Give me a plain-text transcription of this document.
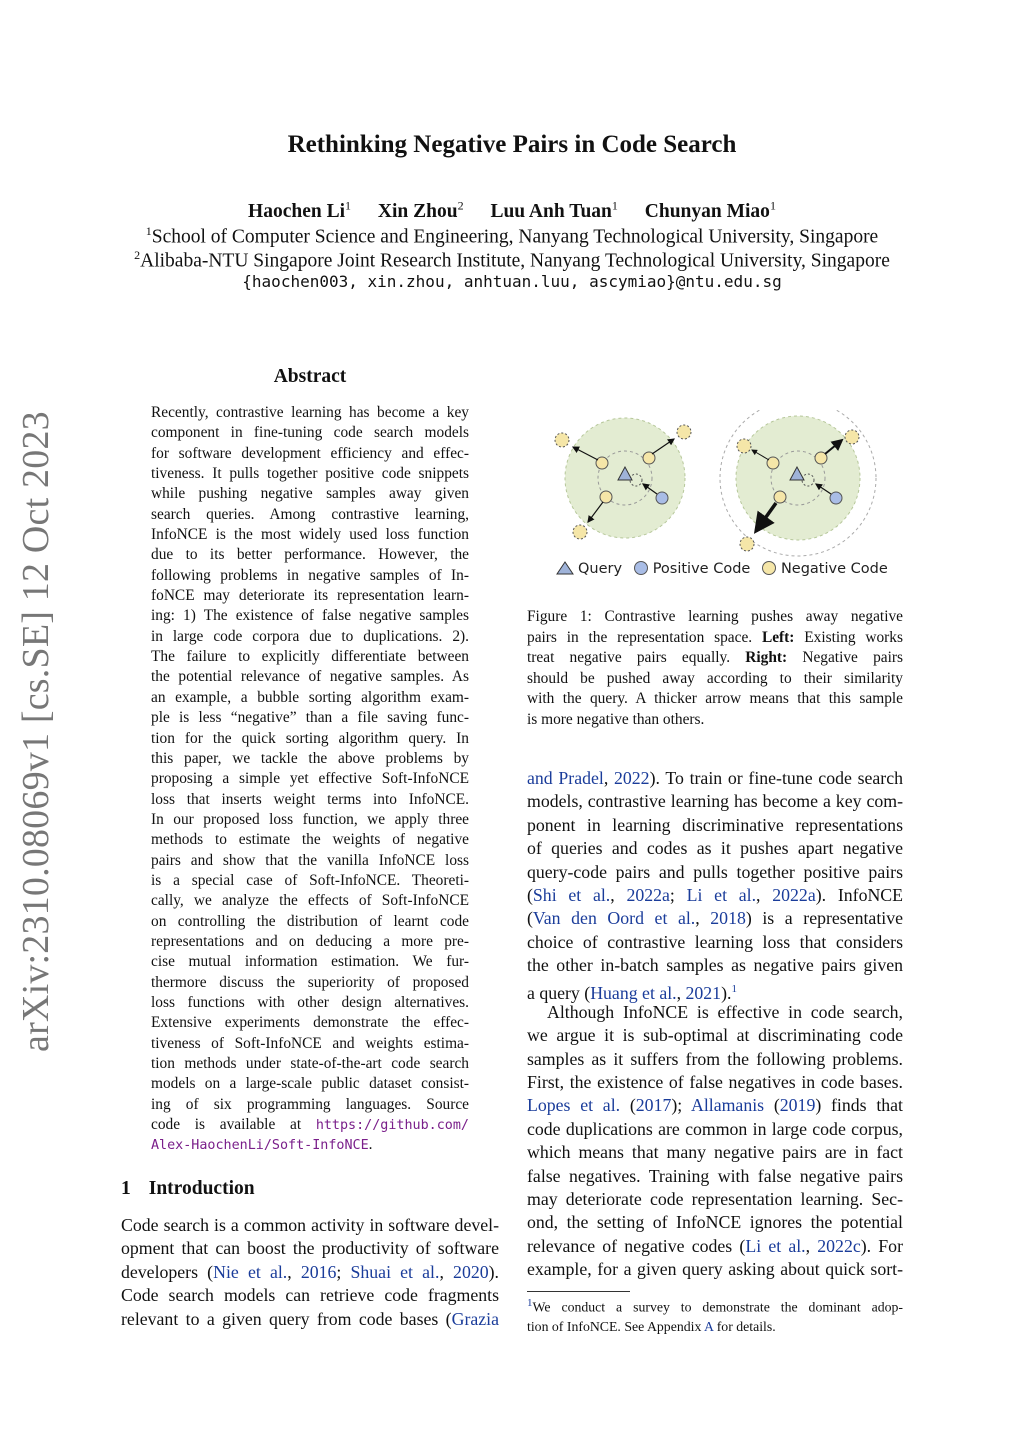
Rethinking Negative Pairs in Code Search
Haochen Li$^1$ Xin Zhou$^2$ Luu Anh Tuan$^1$ Chunyan Miao$^1$
$^1$School of Computer Science and Engineering, Nanyang Technological University, Singapore
$^2$Alibaba-NTU Singapore Joint Research Institute, Nanyang Technological University, Singapore
{haochen003, xin.zhou, anhtuan.luu, ascymiao}@ntu.edu.sg
arXiv:2310.08069v1 [cs.SE] 12 Oct 2023
Abstract
Recently, contrastive learning has become a key
component in fine-tuning code search models
for software development efficiency and effec-
tiveness. It pulls together positive code snippets
while pushing negative samples away given
search queries. Among contrastive learning,
InfoNCE is the most widely used loss function
due to its better performance. However, the
following problems in negative samples of In-
foNCE may deteriorate its representation learn-
ing: 1) The existence of false negative samples
in large code corpora due to duplications. 2).
The failure to explicitly differentiate between
the potential relevance of negative samples. As
an example, a bubble sorting algorithm exam-
ple is less “negative” than a file saving func-
tion for the quick sorting algorithm query. In
this paper, we tackle the above problems by
proposing a simple yet effective Soft-InfoNCE
loss that inserts weight terms into InfoNCE.
In our proposed loss function, we apply three
methods to estimate the weights of negative
pairs and show that the vanilla InfoNCE loss
is a special case of Soft-InfoNCE. Theoreti-
cally, we analyze the effects of Soft-InfoNCE
on controlling the distribution of learnt code
representations and on deducing a more pre-
cise mutual information estimation. We fur-
thermore discuss the superiority of proposed
loss functions with other design alternatives.
Extensive experiments demonstrate the effec-
tiveness of Soft-InfoNCE and weights estima-
tion methods under state-of-the-art code search
models on a large-scale public dataset consist-
ing of six programming languages. Source
code is available at https://github.com/
Alex-HaochenLi/Soft-InfoNCE.
1 Introduction
Code search is a common activity in software devel-
opment that can boost the productivity of software
developers (Nie et al., 2016; Shuai et al., 2020).
Code search models can retrieve code fragments
relevant to a given query from code bases (Grazia
Query Positive Code Negative Code
Figure 1: Contrastive learning pushes away negative
pairs in the representation space. Left: Existing works
treat negative pairs equally. Right: Negative pairs
should be pushed away according to their similarity
with the query. A thicker arrow means that this sample
is more negative than others.
and Pradel, 2022). To train or fine-tune code search
models, contrastive learning has become a key com-
ponent in learning discriminative representations
of queries and codes as it pushes apart negative
query-code pairs and pulls together positive pairs
(Shi et al., 2022a; Li et al., 2022a). InfoNCE
(Van den Oord et al., 2018) is a representative
choice of contrastive learning loss that considers
the other in-batch samples as negative pairs given
a query (Huang et al., 2021).$^1$
Although InfoNCE is effective in code search,
we argue it is sub-optimal at discriminating code
samples as it suffers from the following problems.
First, the existence of false negatives in code bases.
Lopes et al. (2017); Allamanis (2019) finds that
code duplications are common in large code corpus,
which means that many negative pairs are in fact
false negatives. Training with false negative pairs
may deteriorate code representation learning. Sec-
ond, the setting of InfoNCE ignores the potential
relevance of negative codes (Li et al., 2022c). For
example, for a given query asking about quick sort-
$^1$We conduct a survey to demonstrate the dominant adop-
tion of InfoNCE. See Appendix A for details.
